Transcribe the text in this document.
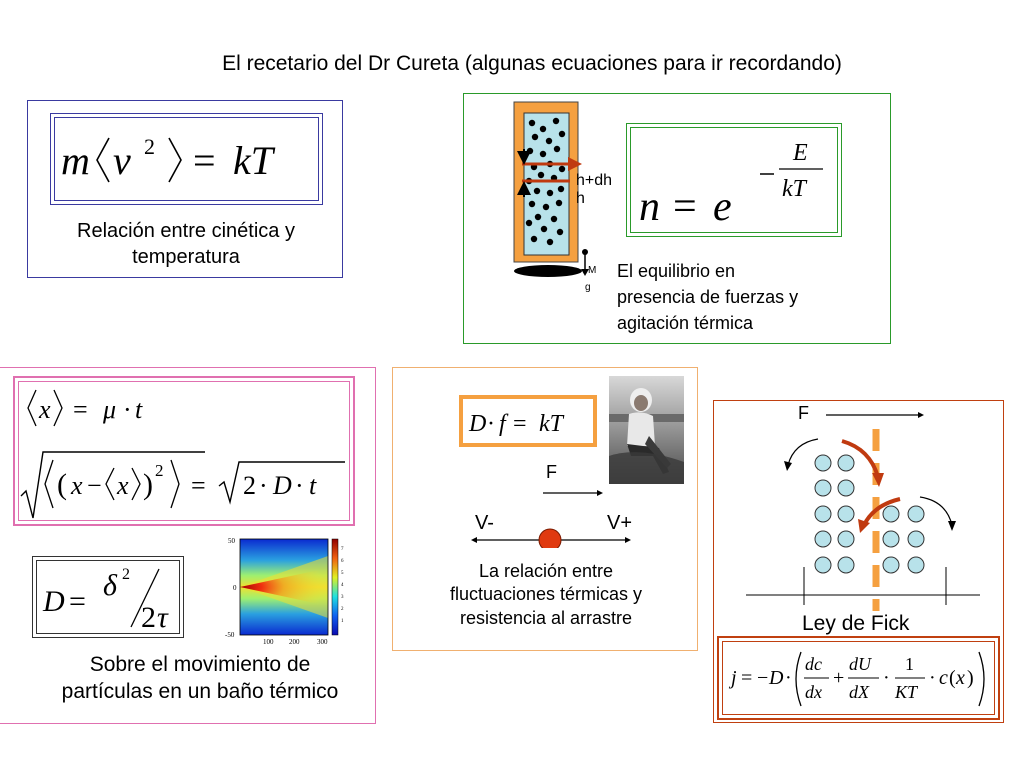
El recetario del Dr Cureta (algunas ecuaciones para ir recordando)
m v 2 = kT
Relación entre cinética y
temperatura
h+dh
h
M
g
n = e
E
kT
El equilibrio en
presencia de fuerzas y
agitación térmica
x = μ · t
( x − x ) 2
= 2 · D · t
D = δ 2
2 τ
50
0
-50
100 200	300
7
6
5
4
3
2
1
Sobre el movimiento de
partículas en un baño térmico
D · f = kT
F
V-	V+
La relación entre
fluctuaciones térmicas y
resistencia al arrastre
F
Ley de Fick
j = − D ·
dc
dx
+
dU
dX
·
1
KT
· c ( x )
